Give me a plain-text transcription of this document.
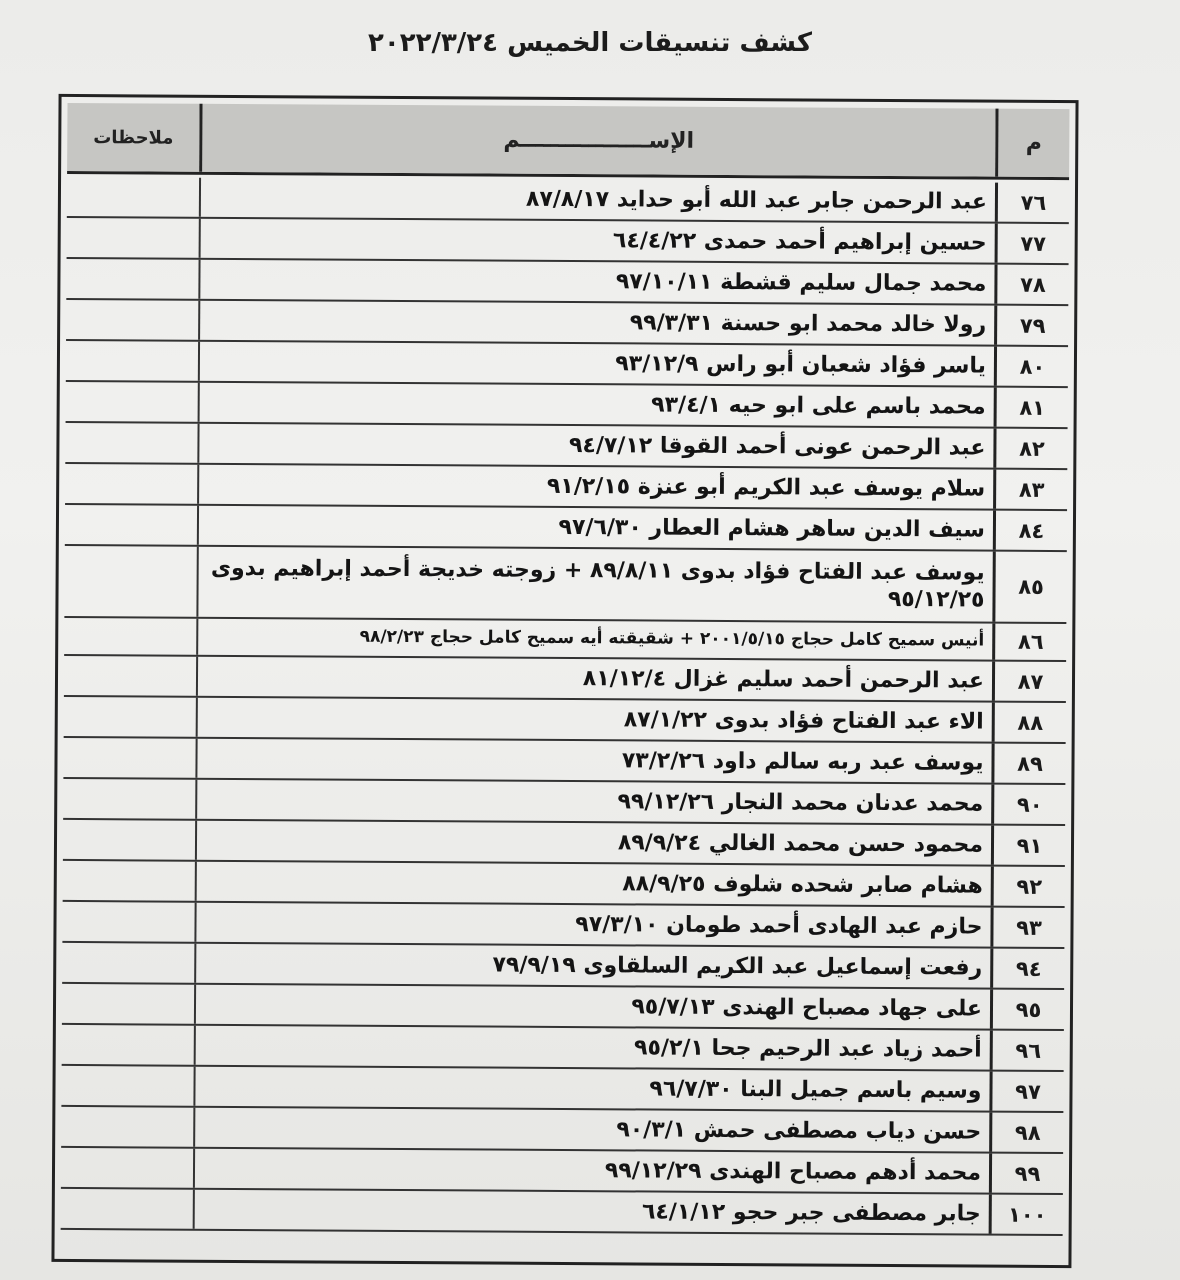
كشف تنسيقات الخميس ٢٠٢٢/٣/٢٤
م
الإســـــــــــــــــم
ملاحظات
٧٦
عبد الرحمن جابر عبد الله أبو حدايد ٨٧/٨/١٧
٧٧
حسين إبراهيم أحمد حمدى ٦٤/٤/٢٢
٧٨
محمد جمال سليم قشطة ٩٧/١٠/١١
٧٩
رولا خالد محمد ابو حسنة ٩٩/٣/٣١
٨٠
ياسر فؤاد شعبان أبو راس ٩٣/١٢/٩
٨١
محمد باسم على ابو حيه ٩٣/٤/١
٨٢
عبد الرحمن عونى أحمد القوقا ٩٤/٧/١٢
٨٣
سلام يوسف عبد الكريم أبو عنزة ٩١/٢/١٥
٨٤
سيف الدين ساهر هشام العطار ٩٧/٦/٣٠
٨٥
يوسف عبد الفتاح فؤاد بدوى ٨٩/٨/١١ + زوجته خديجة أحمد إبراهيم بدوى ٩٥/١٢/٢٥
٨٦
أنيس سميح كامل حجاج ٢٠٠١/٥/١٥ + شقيقته أيه سميح كامل حجاج ٩٨/٢/٢٣
٨٧
عبد الرحمن أحمد سليم غزال ٨١/١٢/٤
٨٨
الاء عبد الفتاح فؤاد بدوى ٨٧/١/٢٢
٨٩
يوسف عبد ربه سالم داود ٧٣/٢/٢٦
٩٠
محمد عدنان محمد النجار ٩٩/١٢/٢٦
٩١
محمود حسن محمد الغالي ٨٩/٩/٢٤
٩٢
هشام صابر شحده شلوف ٨٨/٩/٢٥
٩٣
حازم عبد الهادى أحمد طومان ٩٧/٣/١٠
٩٤
رفعت إسماعيل عبد الكريم السلقاوى ٧٩/٩/١٩
٩٥
على جهاد مصباح الهندى ٩٥/٧/١٣
٩٦
أحمد زياد عبد الرحيم جحا ٩٥/٢/١
٩٧
وسيم باسم جميل البنا ٩٦/٧/٣٠
٩٨
حسن دياب مصطفى حمش ٩٠/٣/١
٩٩
محمد أدهم مصباح الهندى ٩٩/١٢/٢٩
١٠٠
جابر مصطفى جبر حجو ٦٤/١/١٢
